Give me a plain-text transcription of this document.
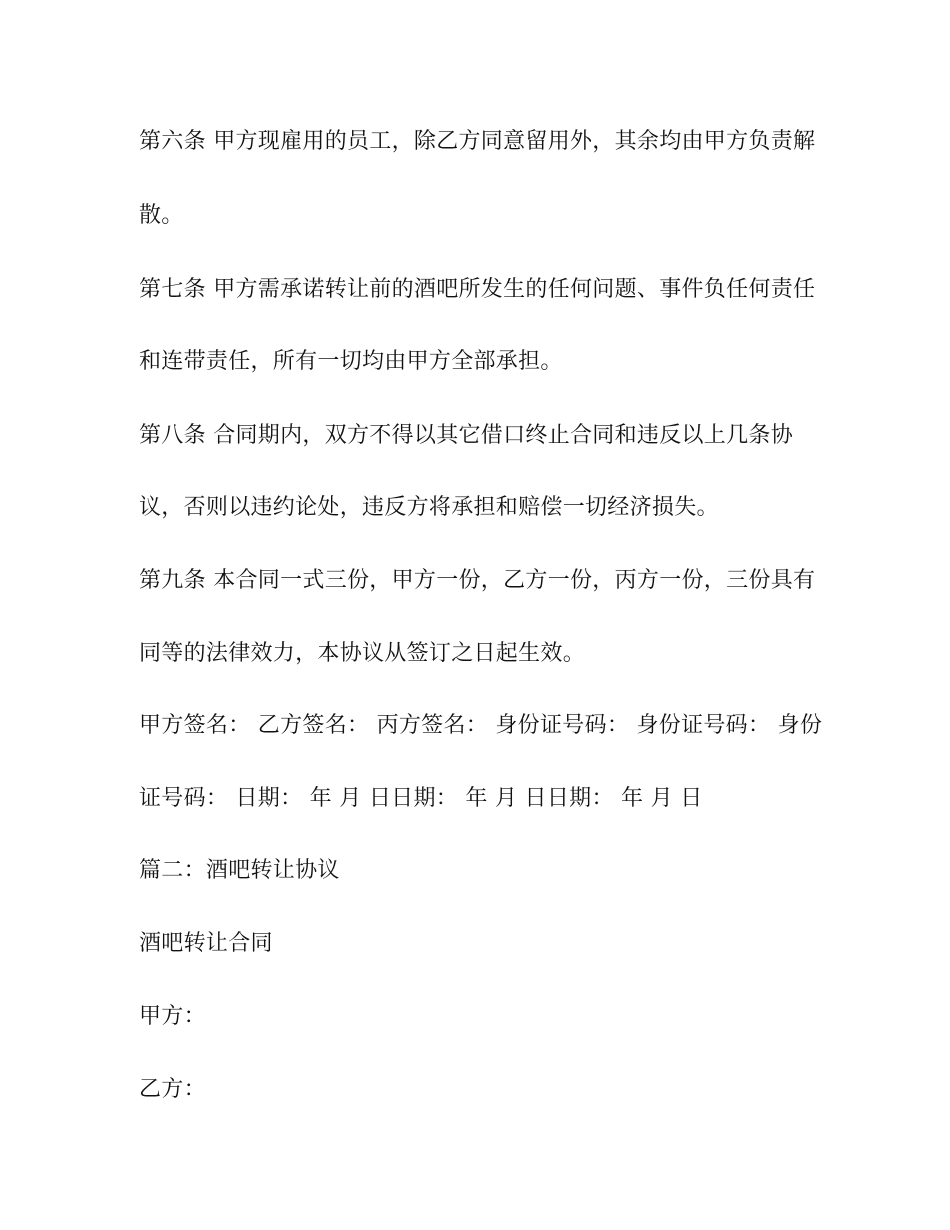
第六条 甲方现雇用的员工，除乙方同意留用外，其余均由甲方负责解
散。
第七条 甲方需承诺转让前的酒吧所发生的任何问题、事件负任何责任
和连带责任，所有一切均由甲方全部承担。
第八条 合同期内，双方不得以其它借口终止合同和违反以上几条协
议，否则以违约论处，违反方将承担和赔偿一切经济损失。
第九条 本合同一式三份，甲方一份，乙方一份，丙方一份，三份具有
同等的法律效力，本协议从签订之日起生效。
甲方签名： 乙方签名： 丙方签名： 身份证号码： 身份证号码： 身份
证号码： 日期： 年 月 日日期： 年 月 日日期： 年 月 日
篇二：酒吧转让协议
酒吧转让合同
甲方：
乙方：
